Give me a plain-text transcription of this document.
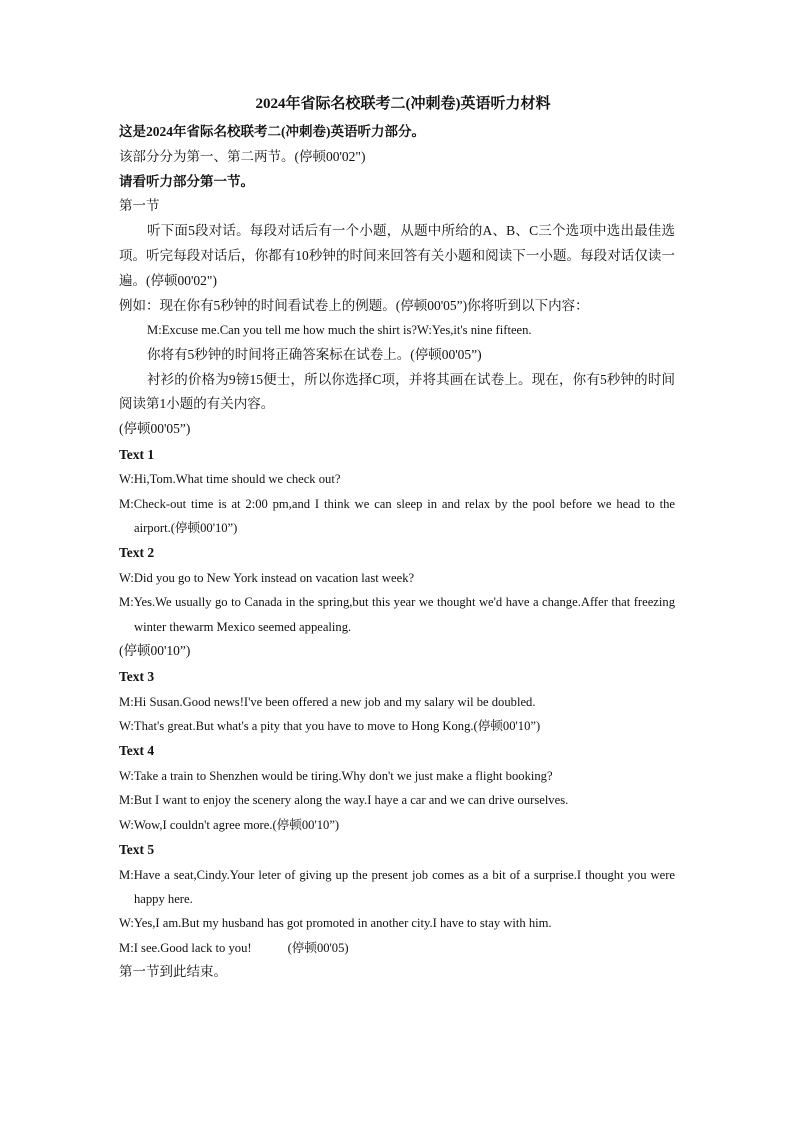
2024年省际名校联考二(冲刺卷)英语听力材料
这是2024年省际名校联考二(冲刺卷)英语听力部分。
该部分分为第一、第二两节。(停顿00'02")
请看听力部分第一节。
第一节
听下面5段对话。每段对话后有一个小题，从题中所给的A、B、C三个选项中选出最佳选项。听完每段对话后，你都有10秒钟的时间来回答有关小题和阅读下一小题。每段对话仅读一遍。(停顿00'02")
例如：现在你有5秒钟的时间看试卷上的例题。(停顿00'05”)你将听到以下内容：
M:Excuse me.Can you tell me how much the shirt is?W:Yes,it's nine fifteen.
你将有5秒钟的时间将正确答案标在试卷上。(停顿00'05”)
衬衫的价格为9镑15便士，所以你选择C项，并将其画在试卷上。现在，你有5秒钟的时间阅读第1小题的有关内容。
(停顿00'05”)
Text 1
W:Hi,Tom.What time should we check out?
M:Check-out time is at 2:00 pm,and I think we can sleep in and relax by the pool before we head to the airport.(停顿00'10”)
Text 2
W:Did you go to New York instead on vacation last week?
M:Yes.We usually go to Canada in the spring,but this year we thought we'd have a change.Affer that freezing winter thewarm Mexico seemed appealing.
(停顿00'10”)
Text 3
M:Hi Susan.Good news!I've been offered a new job and my salary wil be doubled.
W:That's great.But what's a pity that you have to move to Hong Kong.(停顿00'10”)
Text 4
W:Take a train to Shenzhen would be tiring.Why don't we just make a flight booking?
M:But I want to enjoy the scenery along the way.I haye a car and we can drive ourselves.
W:Wow,I couldn't agree more.(停顿00'10”)
Text 5
M:Have a seat,Cindy.Your leter of giving up the present job comes as a bit of a surprise.I thought you were happy here.
W:Yes,I am.But my husband has got promoted in another city.I have to stay with him.
M:I see.Good lack to you!	(停顿00'05)
第一节到此结束。
